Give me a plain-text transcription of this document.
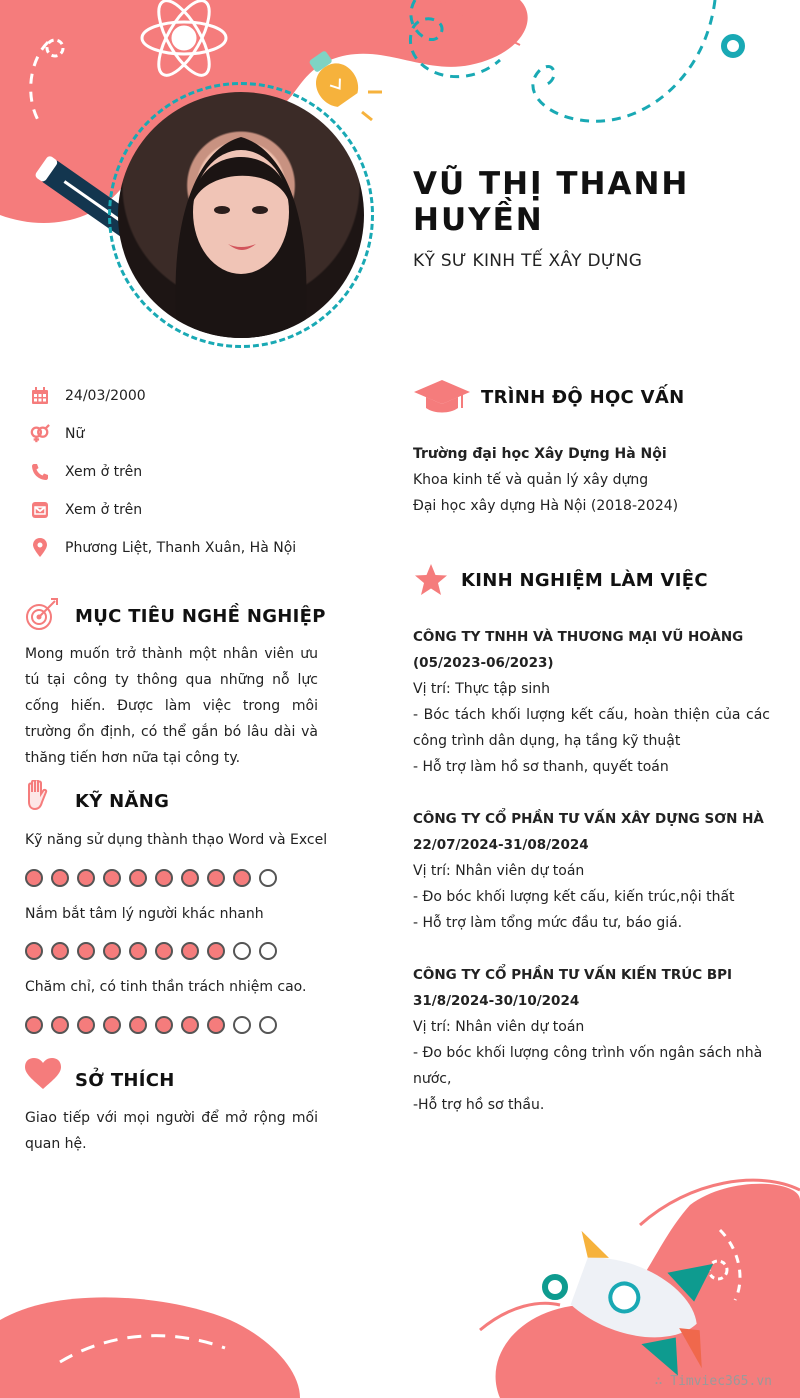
VŨ THỊ THANH HUYỀN
KỸ SƯ KINH TẾ XÂY DỰNG
24/03/2000
Nữ
Xem ở trên
Xem ở trên
Phương Liệt, Thanh Xuân, Hà Nội
MỤC TIÊU NGHỀ NGHIỆP
Mong muốn trở thành một nhân viên ưu tú tại công ty thông qua những nỗ lực cống hiến. Được làm việc trong môi trường ổn định, có thể gắn bó lâu dài và thăng tiến hơn nữa tại công ty.
KỸ NĂNG
Kỹ năng sử dụng thành thạo Word và Excel
Nắm bắt tâm lý người khác nhanh
Chăm chỉ, có tinh thần trách nhiệm cao.
SỞ THÍCH
Giao tiếp với mọi người để mở rộng mối quan hệ.
TRÌNH ĐỘ HỌC VẤN
Trường đại học Xây Dựng Hà Nội
Khoa kinh tế và quản lý xây dựng
Đại học xây dựng Hà Nội (2018-2024)
KINH NGHIỆM LÀM VIỆC
CÔNG TY TNHH VÀ THƯƠNG MẠI VŨ HOÀNG
(05/2023-06/2023)
Vị trí: Thực tập sinh
- Bóc tách khối lượng kết cấu, hoàn thiện của các công trình dân dụng, hạ tầng kỹ thuật
- Hỗ trợ làm hồ sơ thanh, quyết toán
CÔNG TY CỔ PHẦN TƯ VẤN XÂY DỰNG SƠN HÀ
22/07/2024-31/08/2024
Vị trí: Nhân viên dự toán
- Đo bóc khối lượng kết cấu, kiến trúc,nội thất
- Hỗ trợ làm tổng mức đầu tư, báo giá.
CÔNG TY CỔ PHẦN TƯ VẤN KIẾN TRÚC BPI
31/8/2024-30/10/2024
Vị trí: Nhân viên dự toán
- Đo bóc khối lượng công trình vốn ngân sách nhà nước,
-Hỗ trợ hồ sơ thầu.
∴ Timviec365.vn
